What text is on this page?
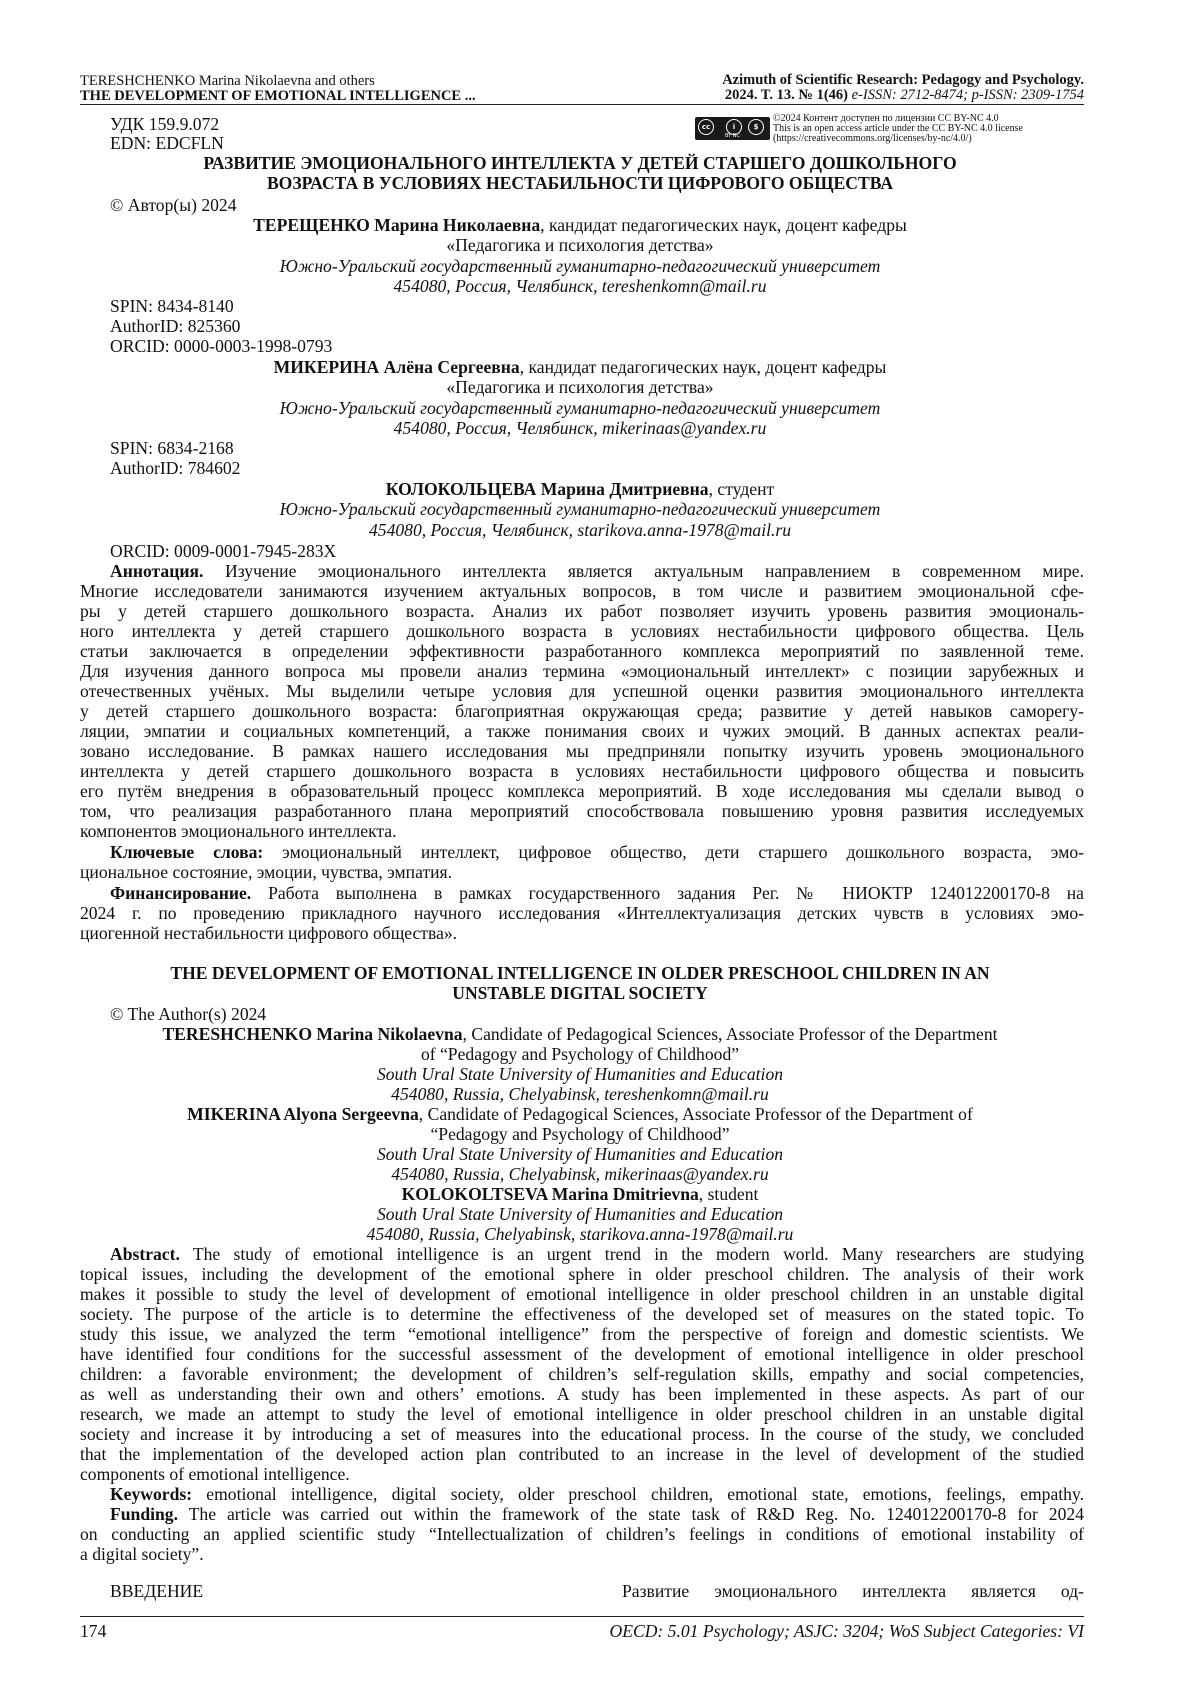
TERESHCHENKO Marina Nikolaevna and others
THE DEVELOPMENT OF EMOTIONAL INTELLIGENCE ...
Azimuth of Scientific Research: Pedagogy and Psychology.
2024. T. 13. № 1(46) e-ISSN: 2712-8474; p-ISSN: 2309-1754
cc	i	$
BY NC
©2024 Контент доступен по лицензии CC BY-NC 4.0
This is an open access article under the CC BY-NC 4.0 license
(https://creativecommons.org/licenses/by-nc/4.0/)
УДК 159.9.072
EDN: EDCFLN
РАЗВИТИЕ ЭМОЦИОНАЛЬНОГО ИНТЕЛЛЕКТА У ДЕТЕЙ СТАРШЕГО ДОШКОЛЬНОГО
ВОЗРАСТА В УСЛОВИЯХ НЕСТАБИЛЬНОСТИ ЦИФРОВОГО ОБЩЕСТВА
© Автор(ы) 2024
ТЕРЕЩЕНКО Марина Николаевна, кандидат педагогических наук, доцент кафедры
«Педагогика и психология детства»
Южно-Уральский государственный гуманитарно-педагогический университет
454080, Россия, Челябинск, tereshenkomn@mail.ru
SPIN: 8434-8140
AuthorID: 825360
ORCID: 0000-0003-1998-0793
МИКЕРИНА Алёна Сергеевна, кандидат педагогических наук, доцент кафедры
«Педагогика и психология детства»
Южно-Уральский государственный гуманитарно-педагогический университет
454080, Россия, Челябинск, mikerinaas@yandex.ru
SPIN: 6834-2168
AuthorID: 784602
КОЛОКОЛЬЦЕВА Марина Дмитриевна, студент
Южно-Уральский государственный гуманитарно-педагогический университет
454080, Россия, Челябинск, starikova.anna-1978@mail.ru
ORCID: 0009-0001-7945-283X
Аннотация. Изучение эмоционального интеллекта является актуальным направлением в современном мире.
Многие исследователи занимаются изучением актуальных вопросов, в том числе и развитием эмоциональной сфе-
ры у детей старшего дошкольного возраста. Анализ их работ позволяет изучить уровень развития эмоциональ-
ного интеллекта у детей старшего дошкольного возраста в условиях нестабильности цифрового общества. Цель
статьи заключается в определении эффективности разработанного комплекса мероприятий по заявленной теме.
Для изучения данного вопроса мы провели анализ термина «эмоциональный интеллект» с позиции зарубежных и
отечественных учёных. Мы выделили четыре условия для успешной оценки развития эмоционального интеллекта
у детей старшего дошкольного возраста: благоприятная окружающая среда; развитие у детей навыков саморегу-
ляции, эмпатии и социальных компетенций, а также понимания своих и чужих эмоций. В данных аспектах реали-
зовано исследование. В рамках нашего исследования мы предприняли попытку изучить уровень эмоционального
интеллекта у детей старшего дошкольного возраста в условиях нестабильности цифрового общества и повысить
его путём внедрения в образовательный процесс комплекса мероприятий. В ходе исследования мы сделали вывод о
том, что реализация разработанного плана мероприятий способствовала повышению уровня развития исследуемых
компонентов эмоционального интеллекта.
Ключевые слова: эмоциональный интеллект, цифровое общество, дети старшего дошкольного возраста, эмо-
циональное состояние, эмоции, чувства, эмпатия.
Финансирование. Работа выполнена в рамках государственного задания Рег. № НИОКТР 124012200170-8 на
2024 г. по проведению прикладного научного исследования «Интеллектуализация детских чувств в условиях эмо-
циогенной нестабильности цифрового общества».
THE DEVELOPMENT OF EMOTIONAL INTELLIGENCE IN OLDER PRESCHOOL CHILDREN IN AN
UNSTABLE DIGITAL SOCIETY
© The Author(s) 2024
TERESHCHENKO Marina Nikolaevna, Candidate of Pedagogical Sciences, Associate Professor of the Department
of “Pedagogy and Psychology of Childhood”
South Ural State University of Humanities and Education
454080, Russia, Chelyabinsk, tereshenkomn@mail.ru
MIKERINA Alyona Sergeevna, Candidate of Pedagogical Sciences, Associate Professor of the Department of
“Pedagogy and Psychology of Childhood”
South Ural State University of Humanities and Education
454080, Russia, Chelyabinsk, mikerinaas@yandex.ru
KOLOKOLTSEVA Marina Dmitrievna, student
South Ural State University of Humanities and Education
454080, Russia, Chelyabinsk, starikova.anna-1978@mail.ru
Abstract. The study of emotional intelligence is an urgent trend in the modern world. Many researchers are studying
topical issues, including the development of the emotional sphere in older preschool children. The analysis of their work
makes it possible to study the level of development of emotional intelligence in older preschool children in an unstable digital
society. The purpose of the article is to determine the effectiveness of the developed set of measures on the stated topic. To
study this issue, we analyzed the term “emotional intelligence” from the perspective of foreign and domestic scientists. We
have identified four conditions for the successful assessment of the development of emotional intelligence in older preschool
children: a favorable environment; the development of children’s self-regulation skills, empathy and social competencies,
as well as understanding their own and others’ emotions. A study has been implemented in these aspects. As part of our
research, we made an attempt to study the level of emotional intelligence in older preschool children in an unstable digital
society and increase it by introducing a set of measures into the educational process. In the course of the study, we concluded
that the implementation of the developed action plan contributed to an increase in the level of development of the studied
components of emotional intelligence.
Keywords: emotional intelligence, digital society, older preschool children, emotional state, emotions, feelings, empathy.
Funding. The article was carried out within the framework of the state task of R&D Reg. No. 124012200170-8 for 2024
on conducting an applied scientific study “Intellectualization of children’s feelings in conditions of emotional instability of
a digital society”.
ВВЕДЕНИЕ	Развитие эмоционального интеллекта является од-
174	OECD: 5.01 Psychology; ASJC: 3204; WoS Subject Categories: VI
